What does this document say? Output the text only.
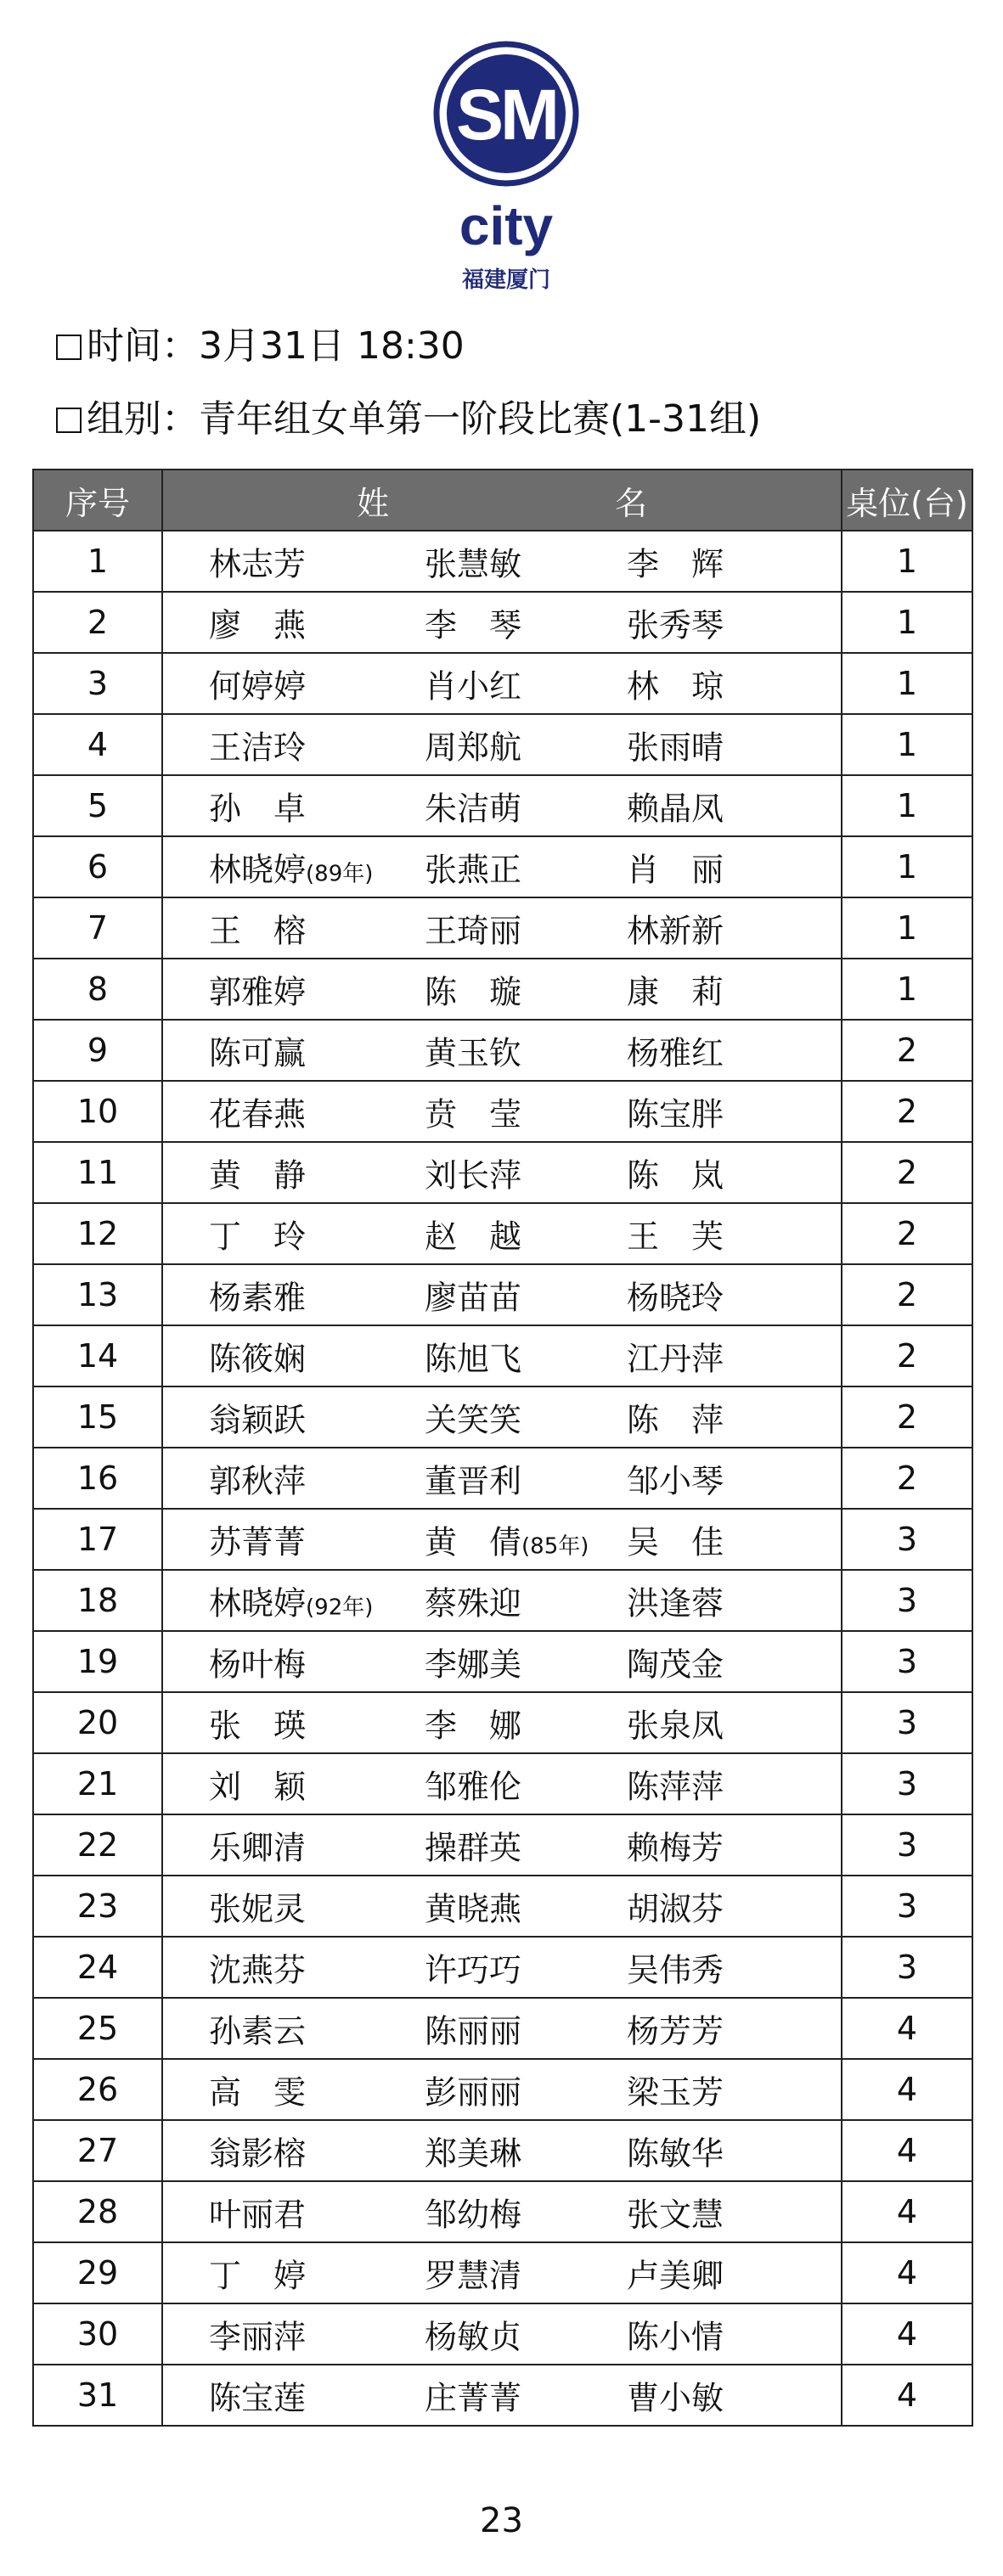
SM
city
福建厦门
时间：3月31日 18:30
组别：青年组女单第一阶段比赛(1-31组)
序号	姓　　　　　　　名	桌位(台)
1	林志芳 张慧敏 李　辉	1
2	廖　燕 李　琴 张秀琴	1
3	何婷婷 肖小红 林　琼	1
4	王洁玲 周郑航 张雨晴	1
5	孙　卓 朱洁萌 赖晶凤	1
6	林晓婷(89年) 张燕正 肖　丽	1
7	王　榕 王琦丽 林新新	1
8	郭雅婷 陈　璇 康　莉	1
9	陈可赢 黄玉钦 杨雅红	2
10	花春燕 贲　莹 陈宝胖	2
11	黄　静 刘长萍 陈　岚	2
12	丁　玲 赵　越 王　芙	2
13	杨素雅 廖苗苗 杨晓玲	2
14	陈筱娴 陈旭飞 江丹萍	2
15	翁颖跃 关笑笑 陈　萍	2
16	郭秋萍 董晋利 邹小琴	2
17	苏菁菁 黄　倩(85年) 吴　佳	3
18	林晓婷(92年) 蔡殊迎 洪逢蓉	3
19	杨叶梅 李娜美 陶茂金	3
20	张　瑛 李　娜 张泉凤	3
21	刘　颖 邹雅伦 陈萍萍	3
22	乐卿清 操群英 赖梅芳	3
23	张妮灵 黄晓燕 胡淑芬	3
24	沈燕芬 许巧巧 吴伟秀	3
25	孙素云 陈丽丽 杨芳芳	4
26	高　雯 彭丽丽 梁玉芳	4
27	翁影榕 郑美琳 陈敏华	4
28	叶丽君 邹幼梅 张文慧	4
29	丁　婷 罗慧清 卢美卿	4
30	李丽萍 杨敏贞 陈小情	4
31	陈宝莲 庄菁菁 曹小敏	4
23
